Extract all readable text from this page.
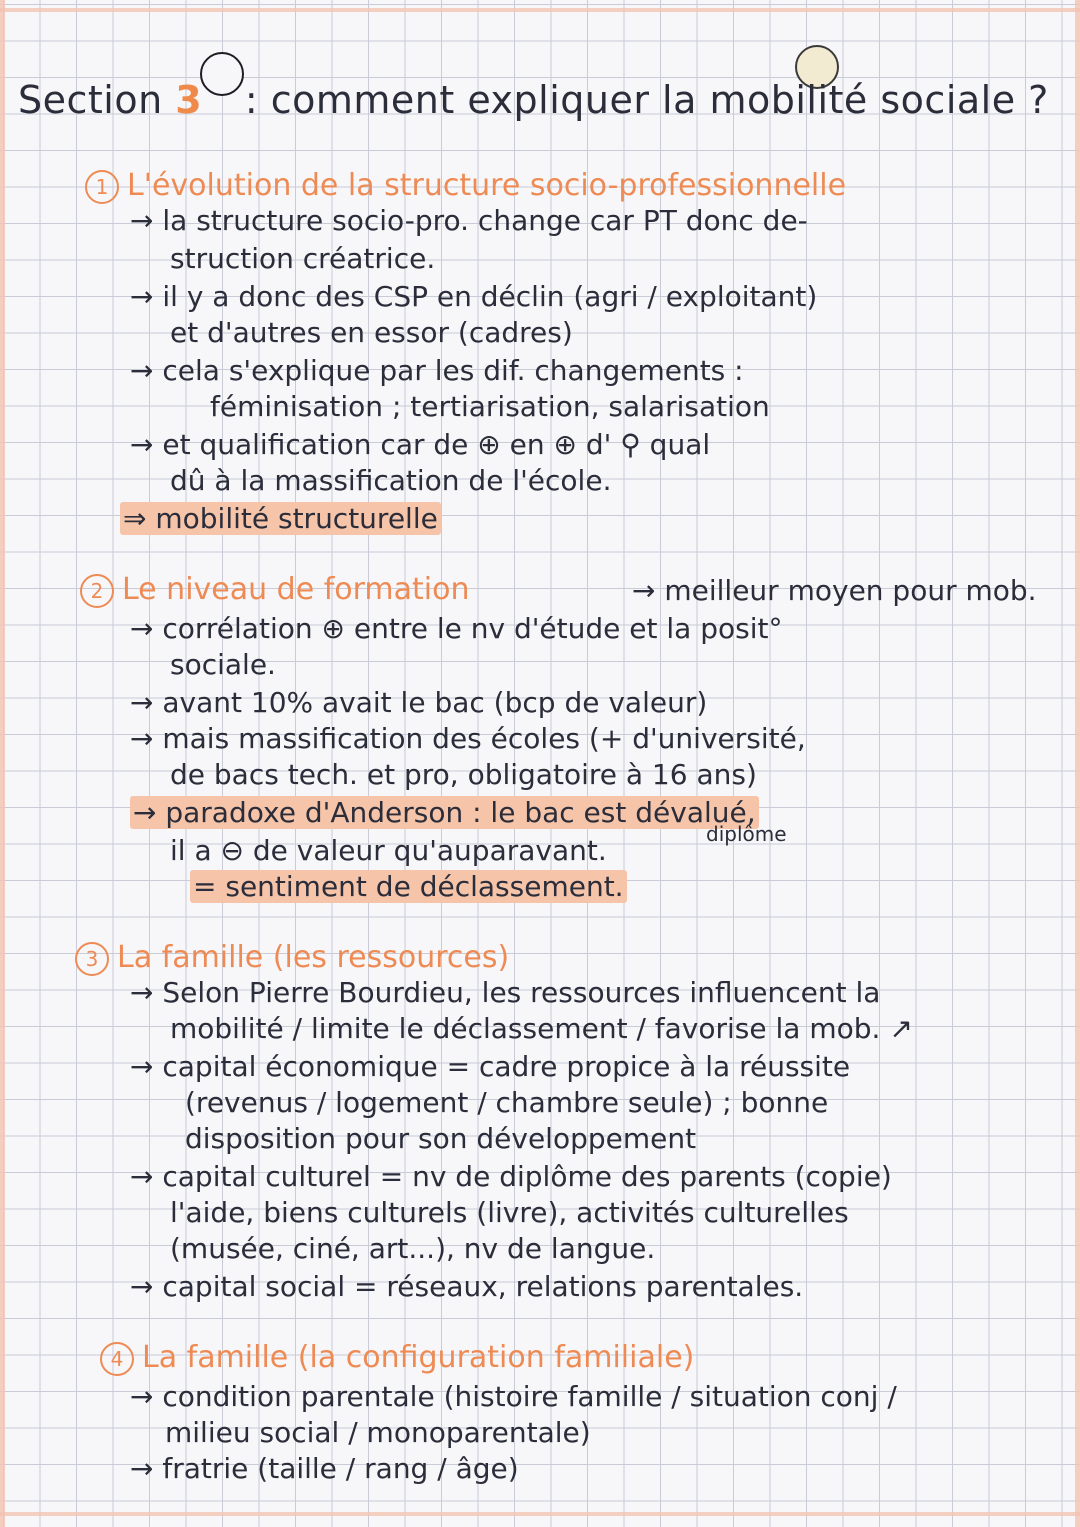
Section 3 : comment expliquer la mobilité sociale ?
1 L'évolution de la structure socio-professionnelle
→ la structure socio-pro. change car PT donc de-
struction créatrice.
→ il y a donc des CSP en déclin (agri / exploitant)
et d'autres en essor (cadres)
→ cela s'explique par les dif. changements :
féminisation ; tertiarisation, salarisation
→ et qualification car de ⊕ en ⊕ d' ⚲ qual
dû à la massification de l'école.
⇒ mobilité structurelle
2 Le niveau de formation	→ meilleur moyen pour mob.
→ corrélation ⊕ entre le nv d'étude et la posit°
sociale.
→ avant 10% avait le bac (bcp de valeur)
→ mais massification des écoles (+ d'université,
de bacs tech. et pro, obligatoire à 16 ans)
→ paradoxe d'Anderson : le bac est dévalué,
diplôme
il a ⊖ de valeur qu'auparavant.
= sentiment de déclassement.
3 La famille (les ressources)
→ Selon Pierre Bourdieu, les ressources influencent la
mobilité / limite le déclassement / favorise la mob. ↗
→ capital économique = cadre propice à la réussite
(revenus / logement / chambre seule) ; bonne
disposition pour son développement
→ capital culturel = nv de diplôme des parents (copie)
l'aide, biens culturels (livre), activités culturelles
(musée, ciné, art...), nv de langue.
→ capital social = réseaux, relations parentales.
4 La famille (la configuration familiale)
→ condition parentale (histoire famille / situation conj /
milieu social / monoparentale)
→ fratrie (taille / rang / âge)
